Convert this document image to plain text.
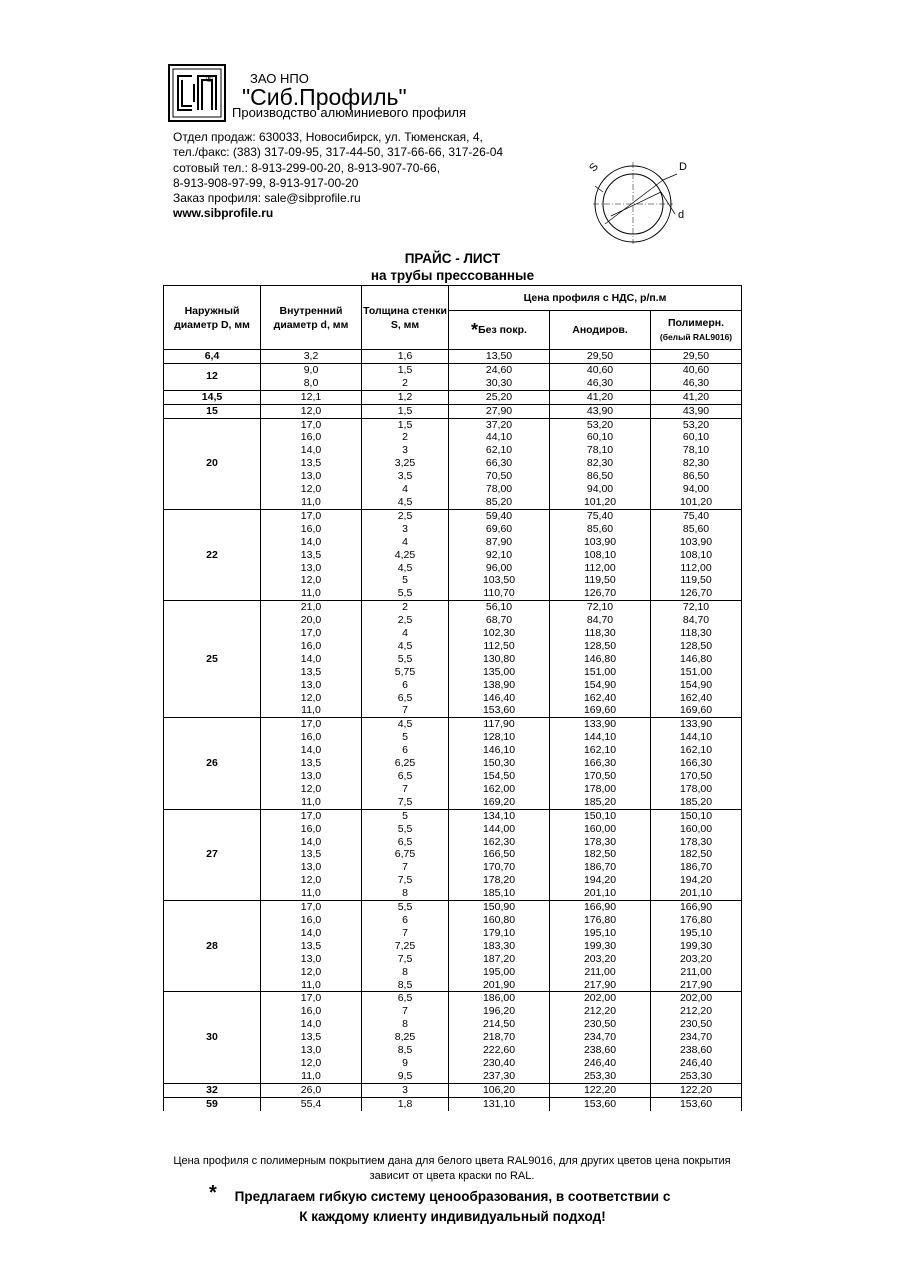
®	ЗАО НПО
"Сиб.Профиль"
Производство алюминиевого профиля
Отдел продаж: 630033, Новосибирск, ул. Тюменская, 4,
тел./факс: (383) 317-09-95, 317-44-50, 317-66-66, 317-26-04
сотовый тел.: 8-913-299-00-20, 8-913-907-70-66,
8-913-908-97-99, 8-913-917-00-20
Заказ профиля: sale@sibprofile.ru
www.sibprofile.ru
S	D
d
ПРАЙС - ЛИСТ
на трубы прессованные
Наружный диаметр D, мм	Внутренний диаметр d, мм	Толщина стенки S, мм	Цена профиля с НДС, р/п.м		
			*Без покр.	Анодиров.	Полимерн.
(белый RAL9016)

6,4	3,2	1,6	13,50	29,50	29,50
12	9,0	1,5	24,60	40,60	40,60
	8,0	2	30,30	46,30	46,30
14,5	12,1	1,2	25,20	41,20	41,20
15	12,0	1,5	27,90	43,90	43,90
20	17,0	1,5	37,20	53,20	53,20
	16,0	2	44,10	60,10	60,10
	14,0	3	62,10	78,10	78,10
	13,5	3,25	66,30	82,30	82,30
	13,0	3,5	70,50	86,50	86,50
	12,0	4	78,00	94,00	94,00
	11,0	4,5	85,20	101,20	101,20
22	17,0	2,5	59,40	75,40	75,40
	16,0	3	69,60	85,60	85,60
	14,0	4	87,90	103,90	103,90
	13,5	4,25	92,10	108,10	108,10
	13,0	4,5	96,00	112,00	112,00
	12,0	5	103,50	119,50	119,50
	11,0	5,5	110,70	126,70	126,70
25	21,0	2	56,10	72,10	72,10
	20,0	2,5	68,70	84,70	84,70
	17,0	4	102,30	118,30	118,30
	16,0	4,5	112,50	128,50	128,50
	14,0	5,5	130,80	146,80	146,80
	13,5	5,75	135,00	151,00	151,00
	13,0	6	138,90	154,90	154,90
	12,0	6,5	146,40	162,40	162,40
	11,0	7	153,60	169,60	169,60
26	17,0	4,5	117,90	133,90	133,90
	16,0	5	128,10	144,10	144,10
	14,0	6	146,10	162,10	162,10
	13,5	6,25	150,30	166,30	166,30
	13,0	6,5	154,50	170,50	170,50
	12,0	7	162,00	178,00	178,00
	11,0	7,5	169,20	185,20	185,20
27	17,0	5	134,10	150,10	150,10
	16,0	5,5	144,00	160,00	160,00
	14,0	6,5	162,30	178,30	178,30
	13,5	6,75	166,50	182,50	182,50
	13,0	7	170,70	186,70	186,70
	12,0	7,5	178,20	194,20	194,20
	11,0	8	185,10	201,10	201,10
28	17,0	5,5	150,90	166,90	166,90
	16,0	6	160,80	176,80	176,80
	14,0	7	179,10	195,10	195,10
	13,5	7,25	183,30	199,30	199,30
	13,0	7,5	187,20	203,20	203,20
	12,0	8	195,00	211,00	211,00
	11,0	8,5	201,90	217,90	217,90
30	17,0	6,5	186,00	202,00	202,00
	16,0	7	196,20	212,20	212,20
	14,0	8	214,50	230,50	230,50
	13,5	8,25	218,70	234,70	234,70
	13,0	8,5	222,60	238,60	238,60
	12,0	9	230,40	246,40	246,40
	11,0	9,5	237,30	253,30	253,30
32	26,0	3	106,20	122,20	122,20
59	55,4	1,8	131,10	153,60	153,60
Цена профиля с полимерным покрытием дана для белого цвета RAL9016, для других цветов цена покрытия
зависит от цвета краски по RAL.
*	Предлагаем гибкую систему ценообразования, в соответствии с
К каждому клиенту индивидуальный подход!
